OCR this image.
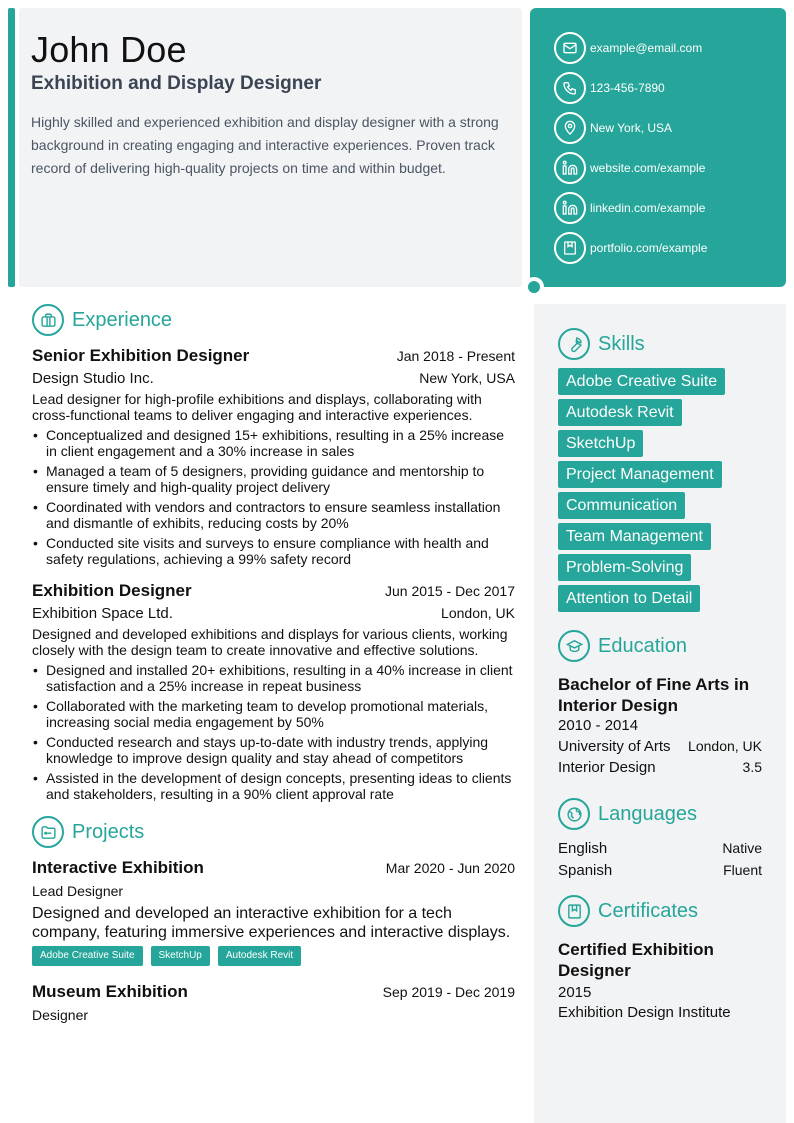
John Doe
Exhibition and Display Designer
Highly skilled and experienced exhibition and display designer with a strong background in creating engaging and interactive experiences. Proven track record of delivering high-quality projects on time and within budget.
example@email.com
123-456-7890
New York, USA
website.com/example
linkedin.com/example
portfolio.com/example
Experience
Senior Exhibition Designer	Jan 2018 - Present
Design Studio Inc.	New York, USA
Lead designer for high-profile exhibitions and displays, collaborating with cross-functional teams to deliver engaging and interactive experiences.
• Conceptualized and designed 15+ exhibitions, resulting in a 25% increase in client engagement and a 30% increase in sales
• Managed a team of 5 designers, providing guidance and mentorship to ensure timely and high-quality project delivery
• Coordinated with vendors and contractors to ensure seamless installation and dismantle of exhibits, reducing costs by 20%
• Conducted site visits and surveys to ensure compliance with health and safety regulations, achieving a 99% safety record
Exhibition Designer	Jun 2015 - Dec 2017
Exhibition Space Ltd.	London, UK
Designed and developed exhibitions and displays for various clients, working closely with the design team to create innovative and effective solutions.
• Designed and installed 20+ exhibitions, resulting in a 40% increase in client satisfaction and a 25% increase in repeat business
• Collaborated with the marketing team to develop promotional materials, increasing social media engagement by 50%
• Conducted research and stays up-to-date with industry trends, applying knowledge to improve design quality and stay ahead of competitors
• Assisted in the development of design concepts, presenting ideas to clients and stakeholders, resulting in a 90% client approval rate
Projects
Interactive Exhibition	Mar 2020 - Jun 2020
Lead Designer
Designed and developed an interactive exhibition for a tech company, featuring immersive experiences and interactive displays.
Adobe Creative Suite	SketchUp	Autodesk Revit
Museum Exhibition	Sep 2019 - Dec 2019
Designer
Skills
Adobe Creative Suite
Autodesk Revit
SketchUp
Project Management
Communication
Team Management
Problem-Solving
Attention to Detail
Education
Bachelor of Fine Arts in Interior Design
2010 - 2014
University of Arts London, UK
Interior Design	3.5
Languages
English	Native
Spanish	Fluent
Certificates
Certified Exhibition Designer
2015
Exhibition Design Institute
